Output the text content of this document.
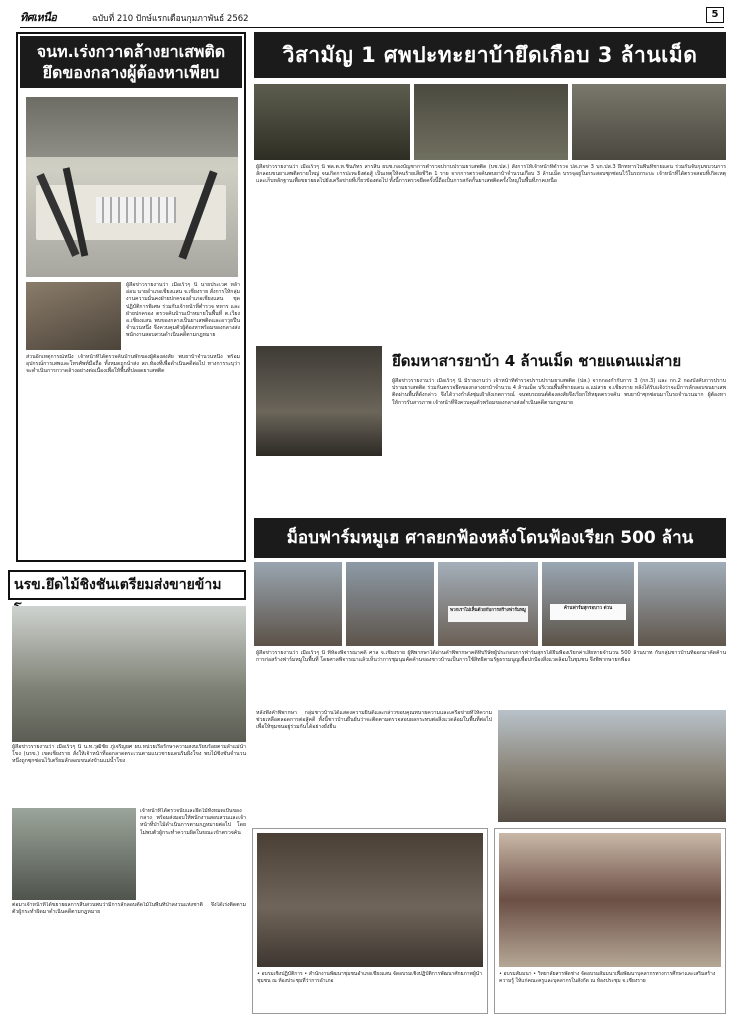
ทิศเหนือ	ฉบับที่ 210 ปักษ์แรกเดือนกุมภาพันธ์ 2562	5
จนท.เร่งกวาดล้างยาเสพติด
ยึดของกลางผู้ต้องหาเพียบ
ผู้สื่อข่าวรายงานว่า เมื่อเร็วๆ นี้ นายประเวศ หล้าอ่อน นายอำเภอเชียงแสน จ.เชียงราย สั่งการให้กลุ่มงานความมั่นคงฝ่ายปกครองอำเภอเชียงแสน ชุดปฏิบัติการพิเศษ ร่วมกับเจ้าหน้าที่ตำรวจ ทหาร และฝ่ายปกครอง ตรวจค้นบ้านเป้าหมายในพื้นที่ ต.เวียง อ.เชียงแสน พบของกลางเป็นยาเสพติดและอาวุธปืนจำนวนหนึ่ง จึงควบคุมตัวผู้ต้องหาพร้อมของกลางส่งพนักงานสอบสวนดำเนินคดีตามกฎหมาย
ส่วนอีกเหตุการณ์หนึ่ง เจ้าหน้าที่ได้ตรวจค้นบ้านพักของผู้ต้องสงสัย พบยาบ้าจำนวนหนึ่ง พร้อมอุปกรณ์การเสพและโทรศัพท์มือถือ ทั้งหมดถูกนำส่ง สภ.ท้องที่เพื่อดำเนินคดีต่อไป ทางการระบุว่าจะดำเนินการกวาดล้างอย่างต่อเนื่องเพื่อให้พื้นที่ปลอดยาเสพติด
วิสามัญ 1 ศพปะทะยาบ้ายึดเกือบ 3 ล้านเม็ด
ผู้สื่อข่าวรายงานว่า เมื่อเร็วๆ นี้ พล.ต.ท.ชินภัทร สารสิน ผบช.กองบัญชาการตำรวจปราบปรามยาเสพติด (บช.ปส.) สั่งการให้เจ้าหน้าที่ตำรวจ ปส.ภาค 3 บก.ปส.3 ฝึกทหารในพื้นที่ชายแดน ร่วมกันจับกุมขบวนการลักลอบขนยาเสพติดรายใหญ่ จนเกิดการปะทะยิงต่อสู้ เป็นเหตุให้คนร้ายเสียชีวิต 1 ราย จากการตรวจค้นพบยาบ้าจำนวนเกือบ 3 ล้านเม็ด บรรจุอยู่ในกระสอบซุกซ่อนไว้ในรถกระบะ เจ้าหน้าที่ได้ตรวจสอบที่เกิดเหตุและเก็บหลักฐานเพื่อขยายผลไปยังเครือข่ายที่เกี่ยวข้องต่อไป ทั้งนี้การตรวจยึดครั้งนี้ถือเป็นการสกัดกั้นยาเสพติดครั้งใหญ่ในพื้นที่ภาคเหนือ
ยึดมหาสารยาบ้า 4 ล้านเม็ด ชายแดนแม่สาย
ผู้สื่อข่าวรายงานว่า เมื่อเร็วๆ นี้ มีรายงานว่า เจ้าหน้าที่ตำรวจปราบปรามยาเสพติด (ปส.) จากกองกำกับการ 3 (กก.3) และ กก.2 กองบังคับการปราบปรามยาเสพติด ร่วมกันตรวจยึดของกลางยาบ้าจำนวน 4 ล้านเม็ด บริเวณพื้นที่ชายแดน อ.แม่สาย จ.เชียงราย หลังได้รับแจ้งว่าจะมีการลักลอบขนยาเสพติดผ่านพื้นที่ดังกล่าว จึงได้วางกำลังซุ่มเฝ้าสังเกตการณ์ จนพบรถยนต์ต้องสงสัยจึงเรียกให้หยุดตรวจค้น พบยาบ้าซุกซ่อนมาในรถจำนวนมาก ผู้ต้องหาให้การรับสารภาพ เจ้าหน้าที่จึงควบคุมตัวพร้อมของกลางส่งดำเนินคดีตามกฎหมาย
ม็อบฟาร์มหมูเฮ ศาลยกฟ้องหลังโดนฟ้องเรียก 500 ล้าน
พวกเราไม่เห็นด้วยกับการสร้างฟาร์มหมู	ค้านฟาร์มสุกรอบาว ด่วน
ผู้สื่อข่าวรายงานว่า เมื่อเร็วๆ นี้ ที่ห้องพิจารณาคดี ศาล จ.เชียงราย ผู้พิพากษาได้อ่านคำพิพากษาคดีที่บริษัทผู้ประกอบการฟาร์มสุกรได้ยื่นฟ้องเรียกค่าเสียหายจำนวน 500 ล้านบาท กับกลุ่มชาวบ้านที่ออกมาคัดค้านการก่อสร้างฟาร์มหมูในพื้นที่ โดยศาลพิจารณาแล้วเห็นว่าการชุมนุมคัดค้านของชาวบ้านเป็นการใช้สิทธิตามรัฐธรรมนูญเพื่อปกป้องสิ่งแวดล้อมในชุมชน จึงพิพากษายกฟ้อง
หลังฟังคำพิพากษา กลุ่มชาวบ้านได้แสดงความยินดีและกล่าวขอบคุณทนายความและเครือข่ายที่ให้ความช่วยเหลือตลอดการต่อสู้คดี ทั้งนี้ชาวบ้านยืนยันว่าจะติดตามตรวจสอบผลกระทบต่อสิ่งแวดล้อมในพื้นที่ต่อไป เพื่อให้ชุมชนอยู่ร่วมกันได้อย่างยั่งยืน
นรข.ยึดไม้ชิงชันเตรียมส่งขายข้าม
ผู้สื่อข่าวรายงานว่า เมื่อเร็วๆ นี้ น.ท.วุฒิชัย ภู่เจริญยศ ผบ.หน่วยเรือรักษาความสงบเรียบร้อยตามลำแม่น้ำโขง (นรข.) เขตเชียงราย สั่งให้เจ้าหน้าที่ออกลาดตระเวนตามแนวชายแดนริมฝั่งโขง พบไม้ชิงชันจำนวนหนึ่งถูกซุกซ่อนไว้เตรียมลักลอบขนส่งข้ามแม่น้ำโขง
เจ้าหน้าที่ได้ตรวจนับและยึดไม้ทั้งหมดเป็นของกลาง พร้อมส่งมอบให้พนักงานสอบสวนและเจ้าหน้าที่ป่าไม้ดำเนินการตามกฎหมายต่อไป โดยไม่พบตัวผู้กระทำความผิดในขณะเข้าตรวจค้น
ต่อมาเจ้าหน้าที่ได้ขยายผลการสืบสวนพบว่ามีการลักลอบตัดไม้ในพื้นที่ป่าสงวนแห่งชาติ จึงได้เร่งติดตามตัวผู้กระทำผิดมาดำเนินคดีตามกฎหมาย
• อบรมเชิงปฏิบัติการ • สำนักงานพัฒนาชุมชนอำเภอเชียงแสน จัดอบรมเชิงปฏิบัติการพัฒนาศักยภาพผู้นำชุมชน ณ ห้องประชุมที่ว่าการอำเภอ
• อบรมสัมมนา • วิทยาลัยสารพัดช่าง จัดอบรมสัมมนาเพื่อพัฒนาบุคลากรทางการศึกษาและเสริมสร้างความรู้ ให้แก่คณะครูและบุคลากรในสังกัด ณ ห้องประชุม จ.เชียงราย
